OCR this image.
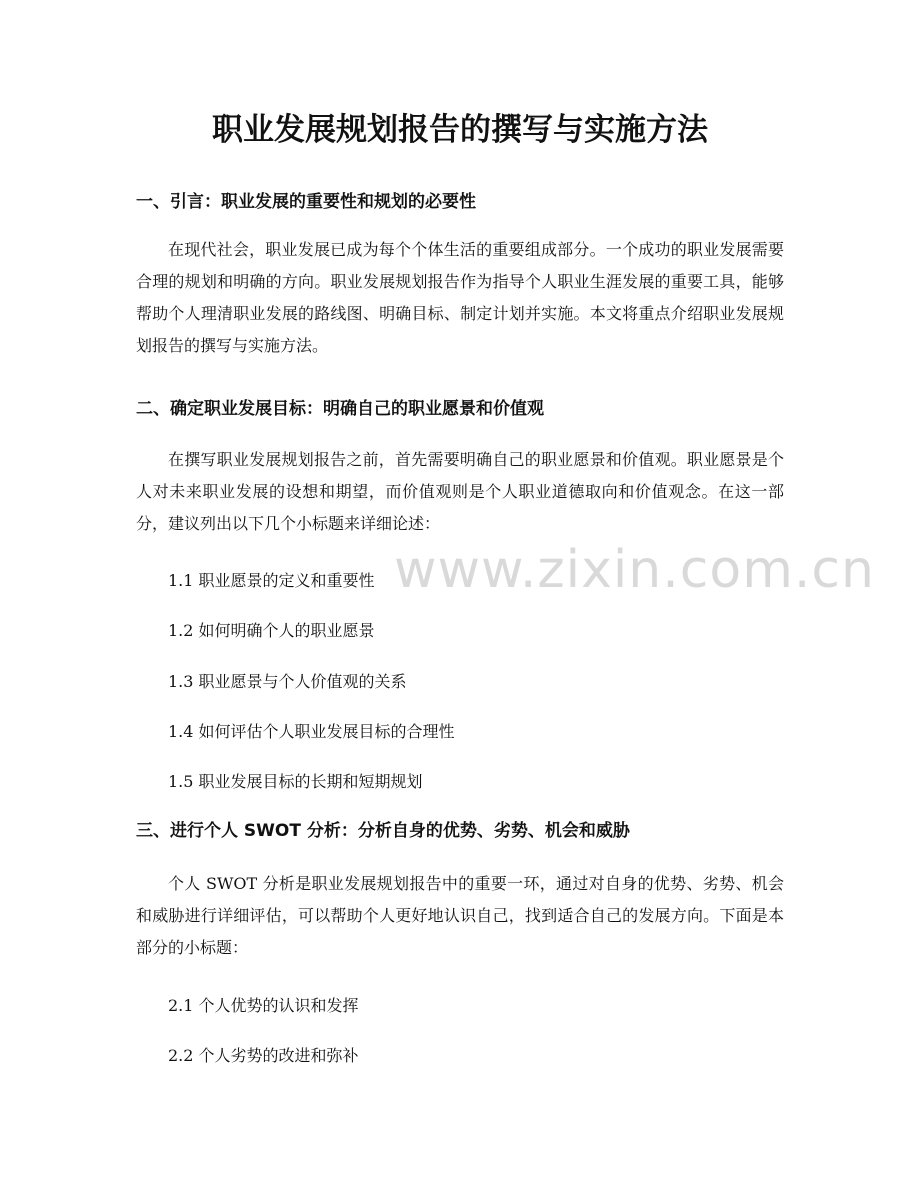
www.zixin.com.cn
职业发展规划报告的撰写与实施方法
一、引言：职业发展的重要性和规划的必要性

在现代社会，职业发展已成为每个个体生活的重要组成部分。一个成功的职业发展需要合理的规划和明确的方向。职业发展规划报告作为指导个人职业生涯发展的重要工具，能够帮助个人理清职业发展的路线图、明确目标、制定计划并实施。本文将重点介绍职业发展规划报告的撰写与实施方法。

二、确定职业发展目标：明确自己的职业愿景和价值观

在撰写职业发展规划报告之前，首先需要明确自己的职业愿景和价值观。职业愿景是个人对未来职业发展的设想和期望，而价值观则是个人职业道德取向和价值观念。在这一部分，建议列出以下几个小标题来详细论述：

1.1 职业愿景的定义和重要性

1.2 如何明确个人的职业愿景

1.3 职业愿景与个人价值观的关系

1.4 如何评估个人职业发展目标的合理性

1.5 职业发展目标的长期和短期规划

三、进行个人 SWOT 分析：分析自身的优势、劣势、机会和威胁

个人 SWOT 分析是职业发展规划报告中的重要一环，通过对自身的优势、劣势、机会和威胁进行详细评估，可以帮助个人更好地认识自己，找到适合自己的发展方向。下面是本部分的小标题：

2.1 个人优势的认识和发挥

2.2 个人劣势的改进和弥补
